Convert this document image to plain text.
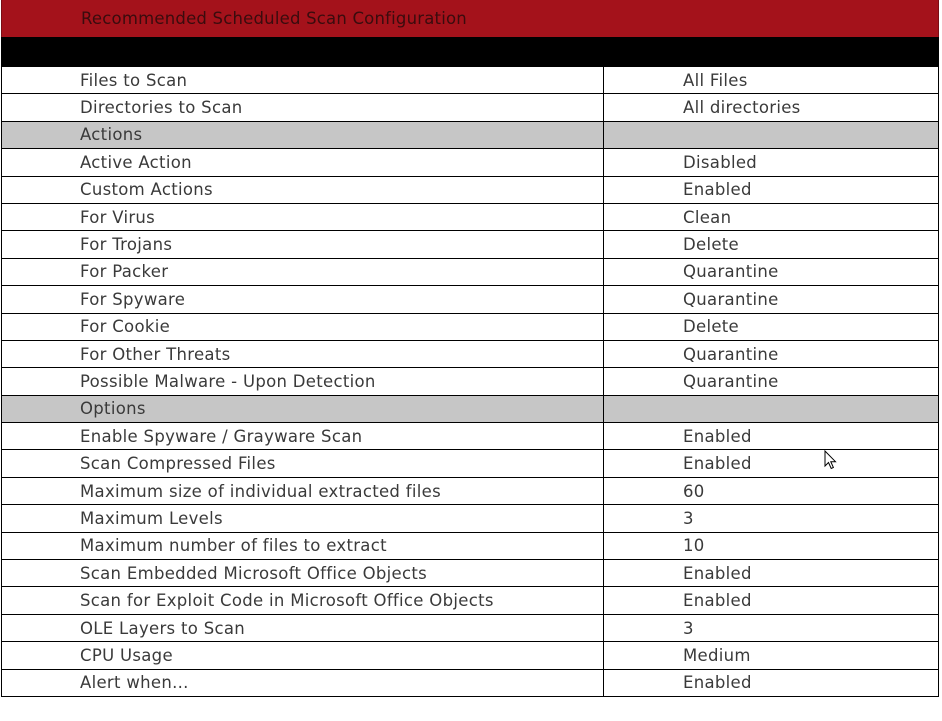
Recommended Scheduled Scan Configuration
Files to Scan	All Files
Directories to Scan	All directories
Actions	
Active Action	Disabled
Custom Actions	Enabled
For Virus	Clean
For Trojans	Delete
For Packer	Quarantine
For Spyware	Quarantine
For Cookie	Delete
For Other Threats	Quarantine
Possible Malware - Upon Detection	Quarantine
Options	
Enable Spyware / Grayware Scan	Enabled
Scan Compressed Files	Enabled
Maximum size of individual extracted files	60
Maximum Levels	3
Maximum number of files to extract	10
Scan Embedded Microsoft Office Objects	Enabled
Scan for Exploit Code in Microsoft Office Objects	Enabled
OLE Layers to Scan	3
CPU Usage	Medium
Alert when...	Enabled
